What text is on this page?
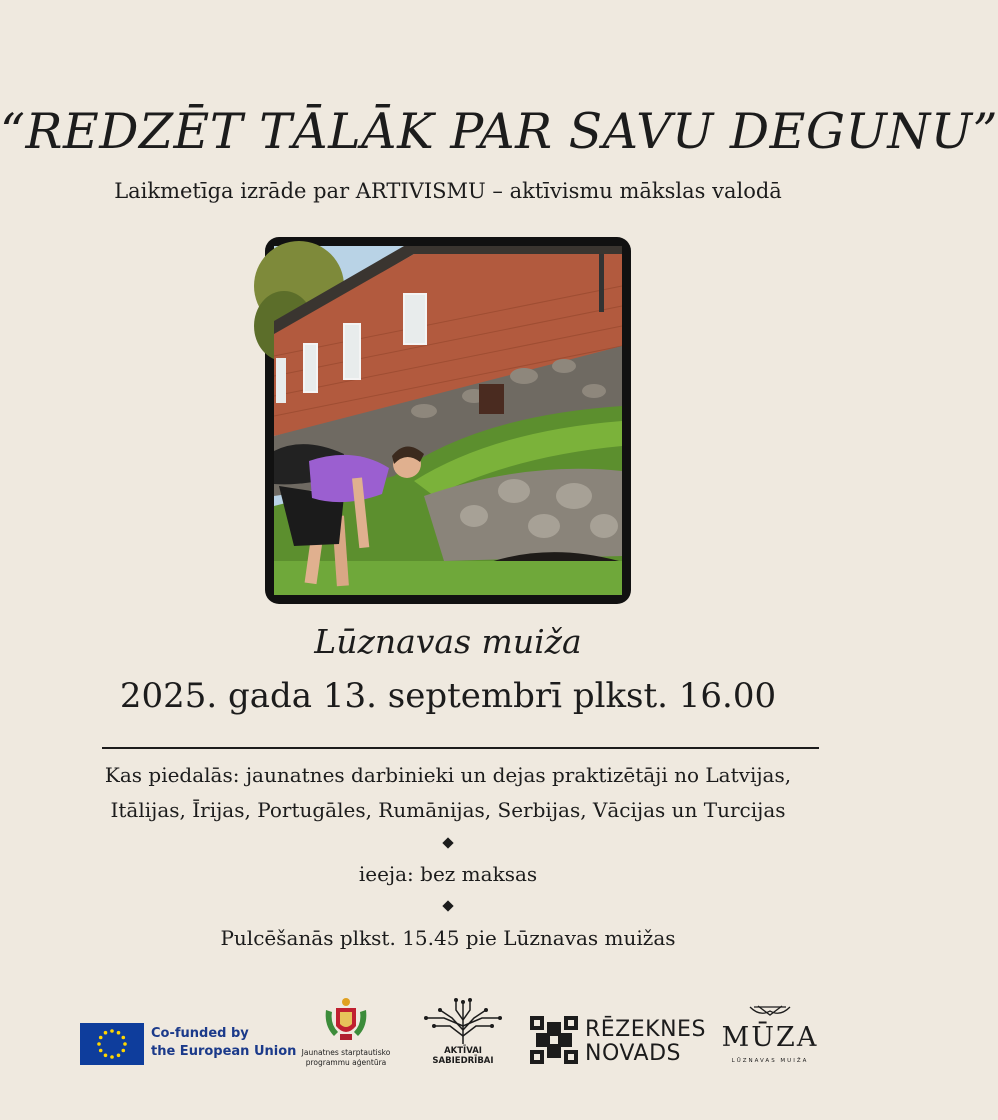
“REDZĒT TĀLĀK PAR SAVU DEGUNU”
Laikmetīga izrāde par ARTIVISMU – aktīvismu mākslas valodā
Lūznavas muiža
2025. gada 13. septembrī plkst. 16.00
Kas piedalās: jaunatnes darbinieki un dejas praktizētāji no Latvijas,
Itālijas, Īrijas, Portugāles, Rumānijas, Serbijas, Vācijas un Turcijas
ieeja: bez maksas
Pulcēšanās plkst. 15.45 pie Lūznavas muižas
Co-funded by
the European Union Jaunatnes starptautisko
programmu aģentūra
AKTĪVAI
SABIEDRĪBAI
RĒZEKNES
NOVADS
MŪZA
LŪZNAVAS MUIŽA
